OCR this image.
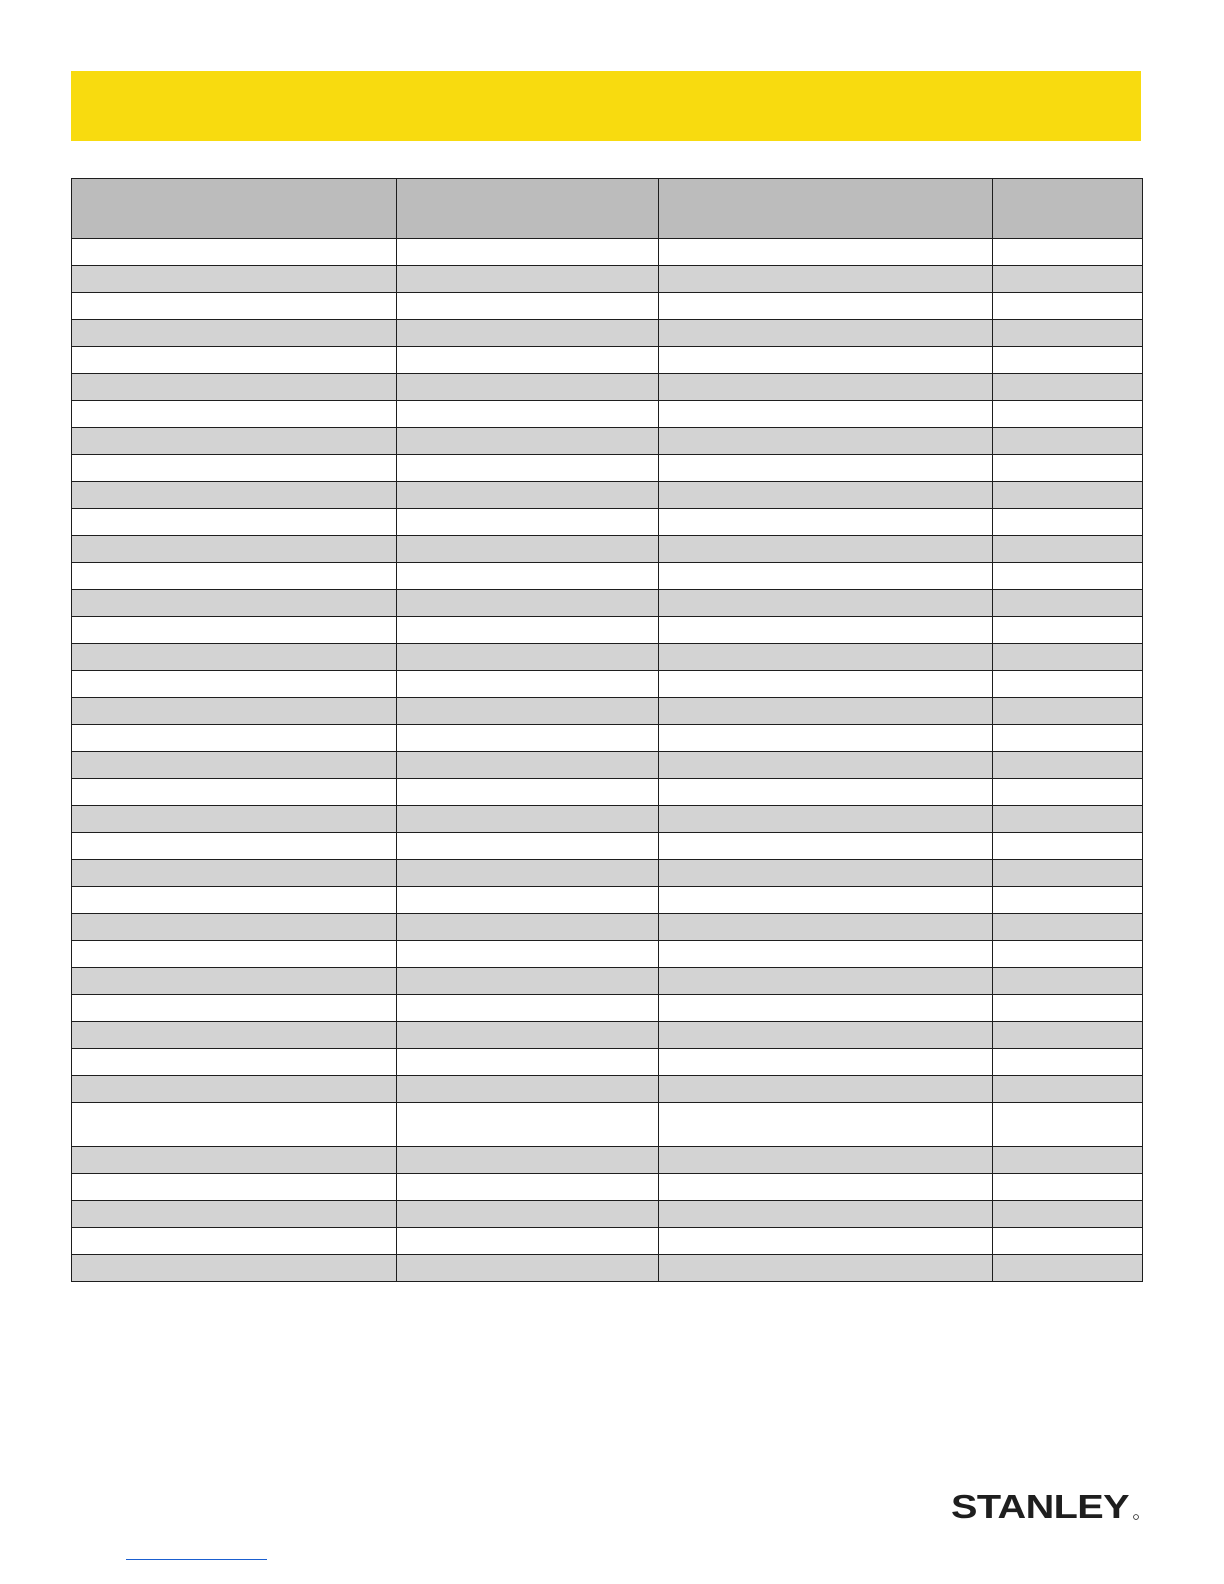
STANLEY
